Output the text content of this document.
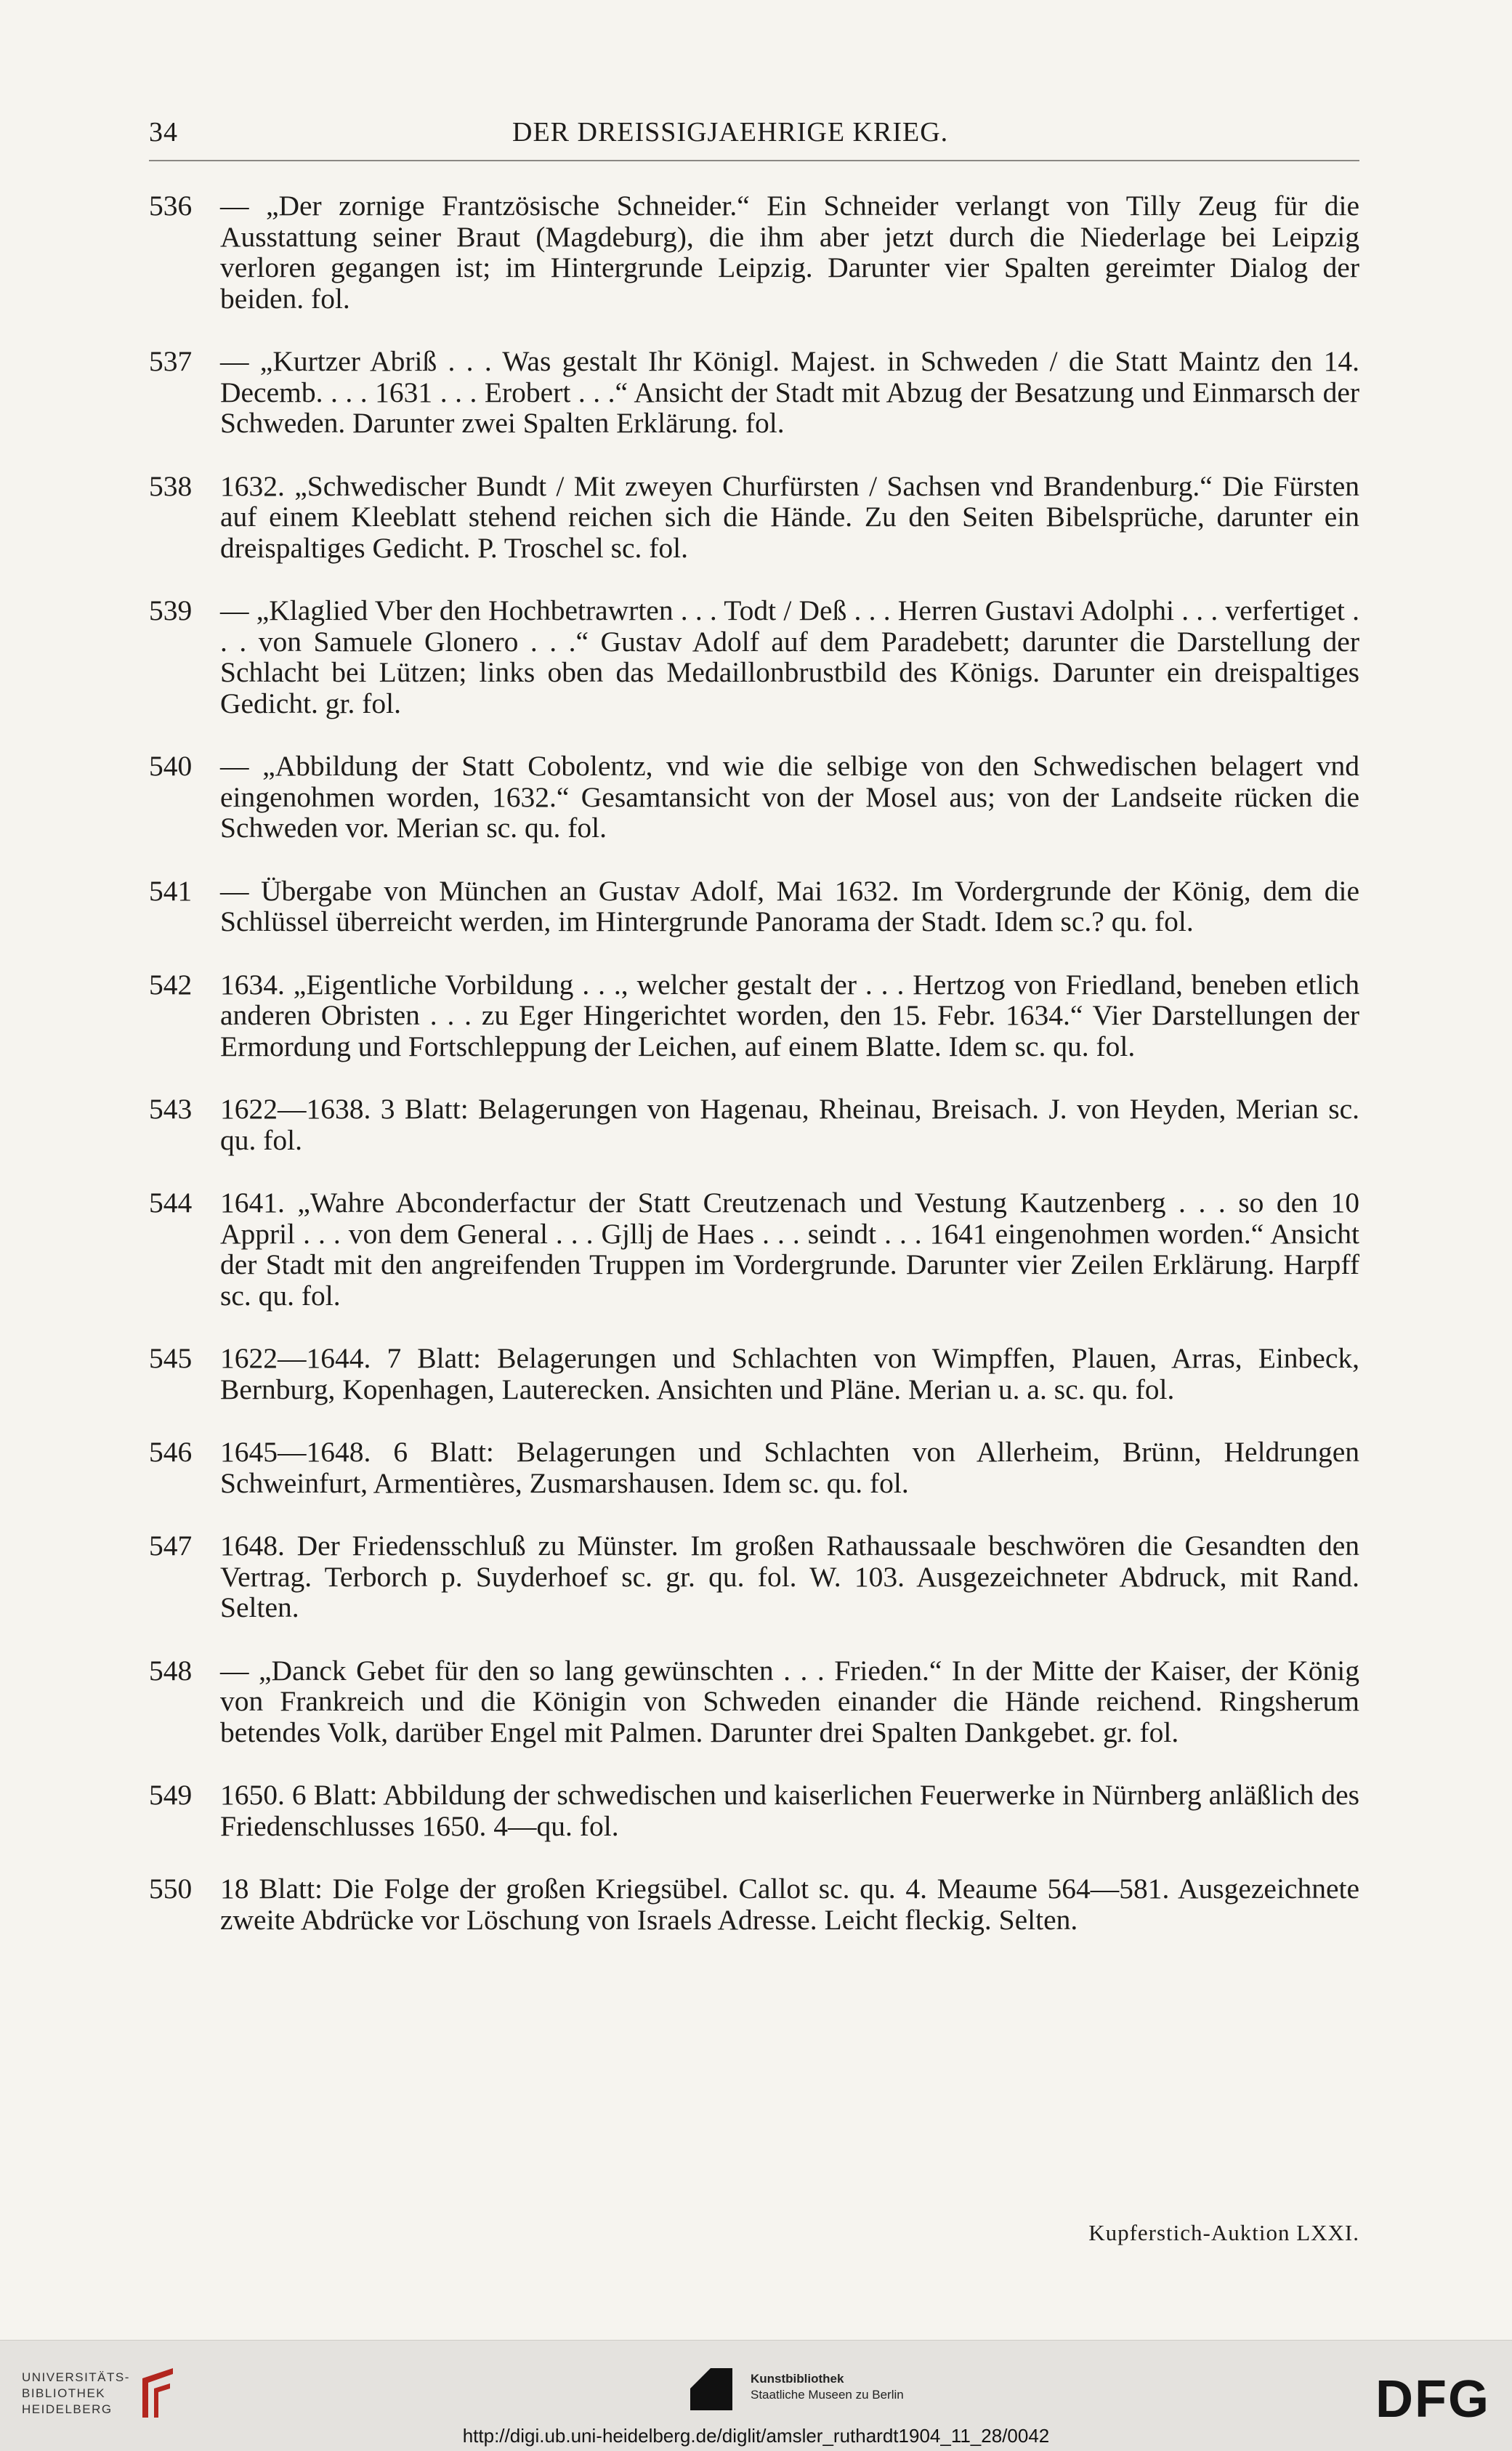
34	DER DREISSIGJAEHRIGE KRIEG.
536 — „Der zornige Frantzösische Schneider.“ Ein Schneider verlangt von Tilly Zeug für die Ausstattung seiner Braut (Magdeburg), die ihm aber jetzt durch die Niederlage bei Leipzig verloren gegangen ist; im Hintergrunde Leipzig. Darunter vier Spalten gereimter Dialog der beiden. fol.
537 — „Kurtzer Abriß . . . Was gestalt Ihr Königl. Majest. in Schweden / die Statt Maintz den 14. Decemb. . . . 1631 . . . Erobert . . .“ Ansicht der Stadt mit Abzug der Besatzung und Einmarsch der Schweden. Darunter zwei Spalten Erklärung. fol.
538 1632. „Schwedischer Bundt / Mit zweyen Churfürsten / Sachsen vnd Brandenburg.“ Die Fürsten auf einem Kleeblatt stehend reichen sich die Hände. Zu den Seiten Bibelsprüche, darunter ein dreispaltiges Gedicht. P. Troschel sc. fol.
539 — „Klaglied Vber den Hochbetrawrten . . . Todt / Deß . . . Herren Gustavi Adolphi . . . verfertiget . . . von Samuele Glonero . . .“ Gustav Adolf auf dem Paradebett; darunter die Darstellung der Schlacht bei Lützen; links oben das Medaillonbrustbild des Königs. Darunter ein dreispaltiges Gedicht. gr. fol.
540 — „Abbildung der Statt Cobolentz, vnd wie die selbige von den Schwedischen belagert vnd eingenohmen worden, 1632.“ Gesamtansicht von der Mosel aus; von der Landseite rücken die Schweden vor. Merian sc. qu. fol.
541 — Übergabe von München an Gustav Adolf, Mai 1632. Im Vordergrunde der König, dem die Schlüssel überreicht werden, im Hintergrunde Panorama der Stadt. Idem sc.? qu. fol.
542 1634. „Eigentliche Vorbildung . . ., welcher gestalt der . . . Hertzog von Friedland, beneben etlich anderen Obristen . . . zu Eger Hingerichtet worden, den 15. Febr. 1634.“ Vier Darstellungen der Ermordung und Fortschleppung der Leichen, auf einem Blatte. Idem sc. qu. fol.
543 1622—1638. 3 Blatt: Belagerungen von Hagenau, Rheinau, Breisach. J. von Heyden, Merian sc. qu. fol.
544 1641. „Wahre Abconderfactur der Statt Creutzenach und Vestung Kautzenberg . . . so den 10 Appril . . . von dem General . . . Gjllj de Haes . . . seindt . . . 1641 eingenohmen worden.“ Ansicht der Stadt mit den angreifenden Truppen im Vordergrunde. Darunter vier Zeilen Erklärung. Harpff sc. qu. fol.
545 1622—1644. 7 Blatt: Belagerungen und Schlachten von Wimpffen, Plauen, Arras, Einbeck, Bernburg, Kopenhagen, Lauterecken. Ansichten und Pläne. Merian u. a. sc. qu. fol.
546 1645—1648. 6 Blatt: Belagerungen und Schlachten von Allerheim, Brünn, Heldrungen Schweinfurt, Armentières, Zusmarshausen. Idem sc. qu. fol.
547 1648. Der Friedensschluß zu Münster. Im großen Rathaussaale beschwören die Gesandten den Vertrag. Terborch p. Suyderhoef sc. gr. qu. fol. W. 103. Ausgezeichneter Abdruck, mit Rand. Selten.
548 — „Danck Gebet für den so lang gewünschten . . . Frieden.“ In der Mitte der Kaiser, der König von Frankreich und die Königin von Schweden einander die Hände reichend. Ringsherum betendes Volk, darüber Engel mit Palmen. Darunter drei Spalten Dankgebet. gr. fol.
549 1650. 6 Blatt: Abbildung der schwedischen und kaiserlichen Feuerwerke in Nürnberg anläßlich des Friedenschlusses 1650. 4—qu. fol.
550 18 Blatt: Die Folge der großen Kriegsübel. Callot sc. qu. 4. Meaume 564—581. Ausgezeichnete zweite Abdrücke vor Löschung von Israels Adresse. Leicht fleckig. Selten.
Kupferstich-Auktion LXXI.
UNIVERSITÄTS-
BIBLIOTHEK
HEIDELBERG
Kunstbibliothek
Staatliche Museen zu Berlin	DFG
http://digi.ub.uni-heidelberg.de/diglit/amsler_ruthardt1904_11_28/0042
